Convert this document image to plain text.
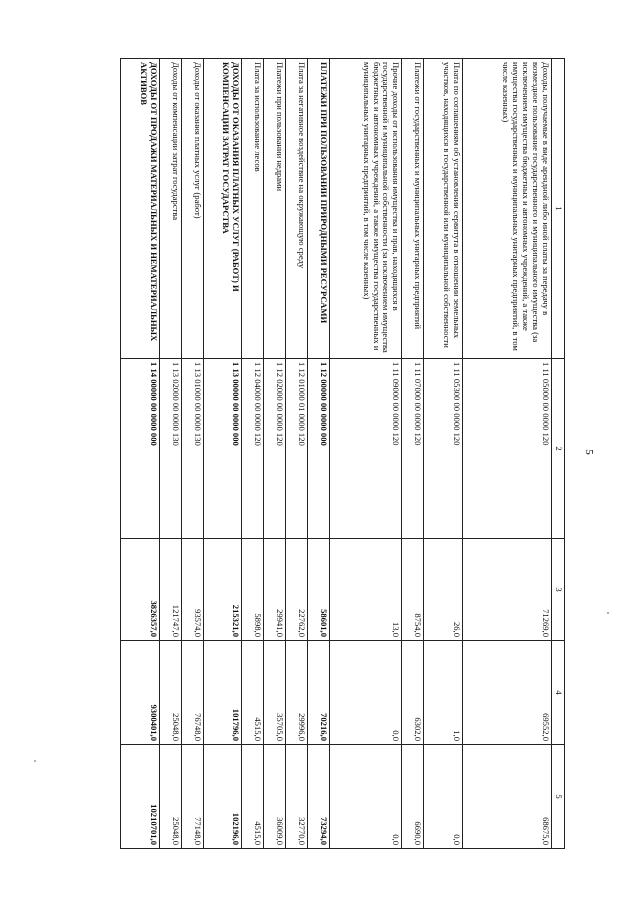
5
1	2	3	4	5
Доходы, получаемые в виде арендной либо иной платы за передачу в возмездное пользование государственного и муниципального имущества (за исключением имущества бюджетных и автономных учреждений, а также имущества государственных и муниципальных унитарных предприятий, в том числе казенных)	1 11 05000 00 0000 120	71269,0	69552,0	68675,0
Плата по соглашениям об установлении сервитута в отношении земельных участков, находящихся в государственной или муниципальной собственности	1 11 05300 00 0000 120	26,0	1,0	0,0
Платежи от государственных и муниципальных унитарных предприятий	1 11 07000 00 0000 120	8754,0	6302,0	6690,0
Прочие доходы от использования имущества и прав, находящихся в государственной и муниципальной собственности (за исключением имущества бюджетных и автономных учреждений, а также имущества государственных и муниципальных унитарных предприятий, в том числе казенных)	1 11 09000 00 0000 120	13,0	0,0	0,0
ПЛАТЕЖИ ПРИ ПОЛЬЗОВАНИИ ПРИРОДНЫМИ РЕСУРСАМИ	1 12 00000 00 0000 000	58601,0	70216,0	73294,0
Плата за негативное воздействие на окружающую среду	1 12 01000 01 0000 120	22762,0	29996,0	32770,0
Платежи при пользовании недрами	1 12 02000 00 0000 120	29941,0	35705,0	36009,0
Плата за использование лесов	1 12 04000 00 0000 120	5898,0	4515,0	4515,0
ДОХОДЫ ОТ ОКАЗАНИЯ ПЛАТНЫХ УСЛУГ (РАБОТ) И КОМПЕНСАЦИИ ЗАТРАТ ГОСУДАРСТВА	1 13 00000 00 0000 000	215321,0	101796,0	102196,0
Доходы от оказания платных услуг (работ)	1 13 01000 00 0000 130	93574,0	76748,0	77148,0
Доходы от компенсации затрат государства	1 13 02000 00 0000 130	121747,0	25048,0	25048,0
ДОХОДЫ ОТ ПРОДАЖИ МАТЕРИАЛЬНЫХ И НЕМАТЕРИАЛЬНЫХ АКТИВОВ	1 14 00000 00 0000 000	3826357,0	9300401,0	10210701,0
